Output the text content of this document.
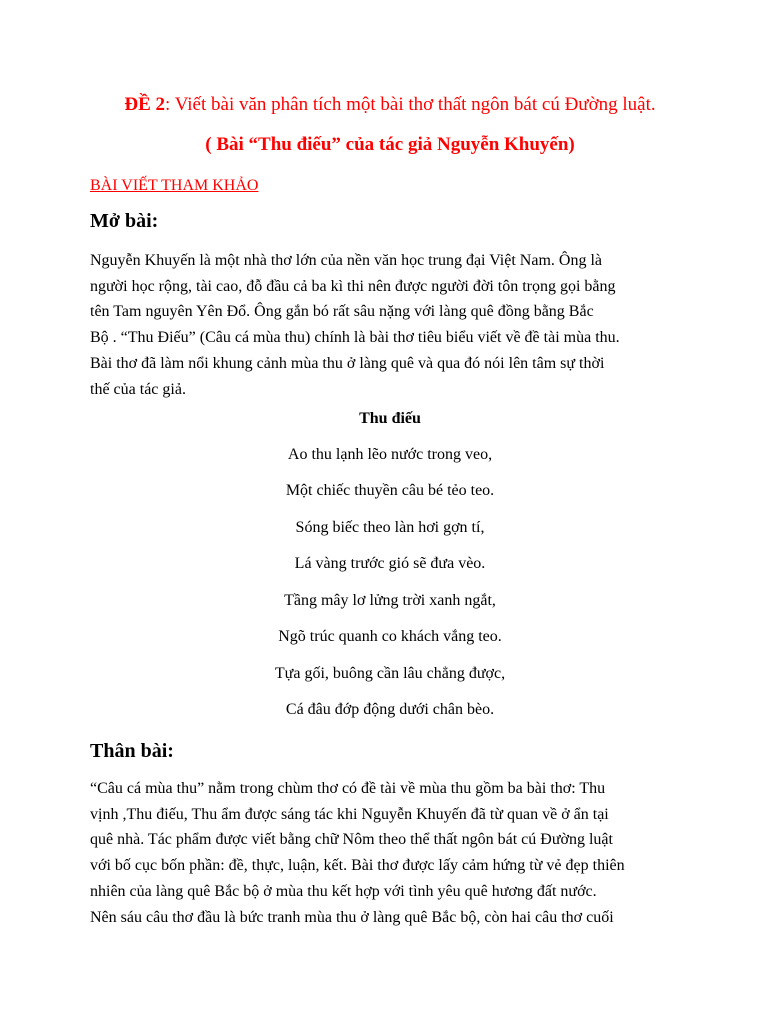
ĐỀ 2: Viết bài văn phân tích một bài thơ thất ngôn bát cú Đường luật.
( Bài “Thu điếu” của tác giả Nguyễn Khuyến)
BÀI VIẾT THAM KHẢO
Mở bài:
Nguyễn Khuyến là một nhà thơ lớn của nền văn học trung đại Việt Nam. Ông là
người học rộng, tài cao, đỗ đầu cả ba kì thi nên được người đời tôn trọng gọi bằng
tên Tam nguyên Yên Đổ. Ông gắn bó rất sâu nặng với làng quê đồng bằng Bắc
Bộ . “Thu Điếu” (Câu cá mùa thu) chính là bài thơ tiêu biểu viết về đề tài mùa thu.
Bài thơ đã làm nổi khung cảnh mùa thu ở làng quê và qua đó nói lên tâm sự thời
thế của tác giả.
Thu điếu
Ao thu lạnh lẽo nước trong veo,
Một chiếc thuyền câu bé tẻo teo.
Sóng biếc theo làn hơi gợn tí,
Lá vàng trước gió sẽ đưa vèo.
Tầng mây lơ lửng trời xanh ngắt,
Ngõ trúc quanh co khách vắng teo.
Tựa gối, buông cần lâu chẳng được,
Cá đâu đớp động dưới chân bèo.
Thân bài:
“Câu cá mùa thu” nằm trong chùm thơ có đề tài về mùa thu gồm ba bài thơ: Thu
vịnh ,Thu điếu, Thu ẩm được sáng tác khi Nguyễn Khuyến đã từ quan về ở ẩn tại
quê nhà. Tác phẩm được viết bằng chữ Nôm theo thể thất ngôn bát cú Đường luật
với bố cục bốn phần: đề, thực, luận, kết. Bài thơ được lấy cảm hứng từ vẻ đẹp thiên
nhiên của làng quê Bắc bộ ở mùa thu kết hợp với tình yêu quê hương đất nước.
Nên sáu câu thơ đầu là bức tranh mùa thu ở làng quê Bắc bộ, còn hai câu thơ cuối
